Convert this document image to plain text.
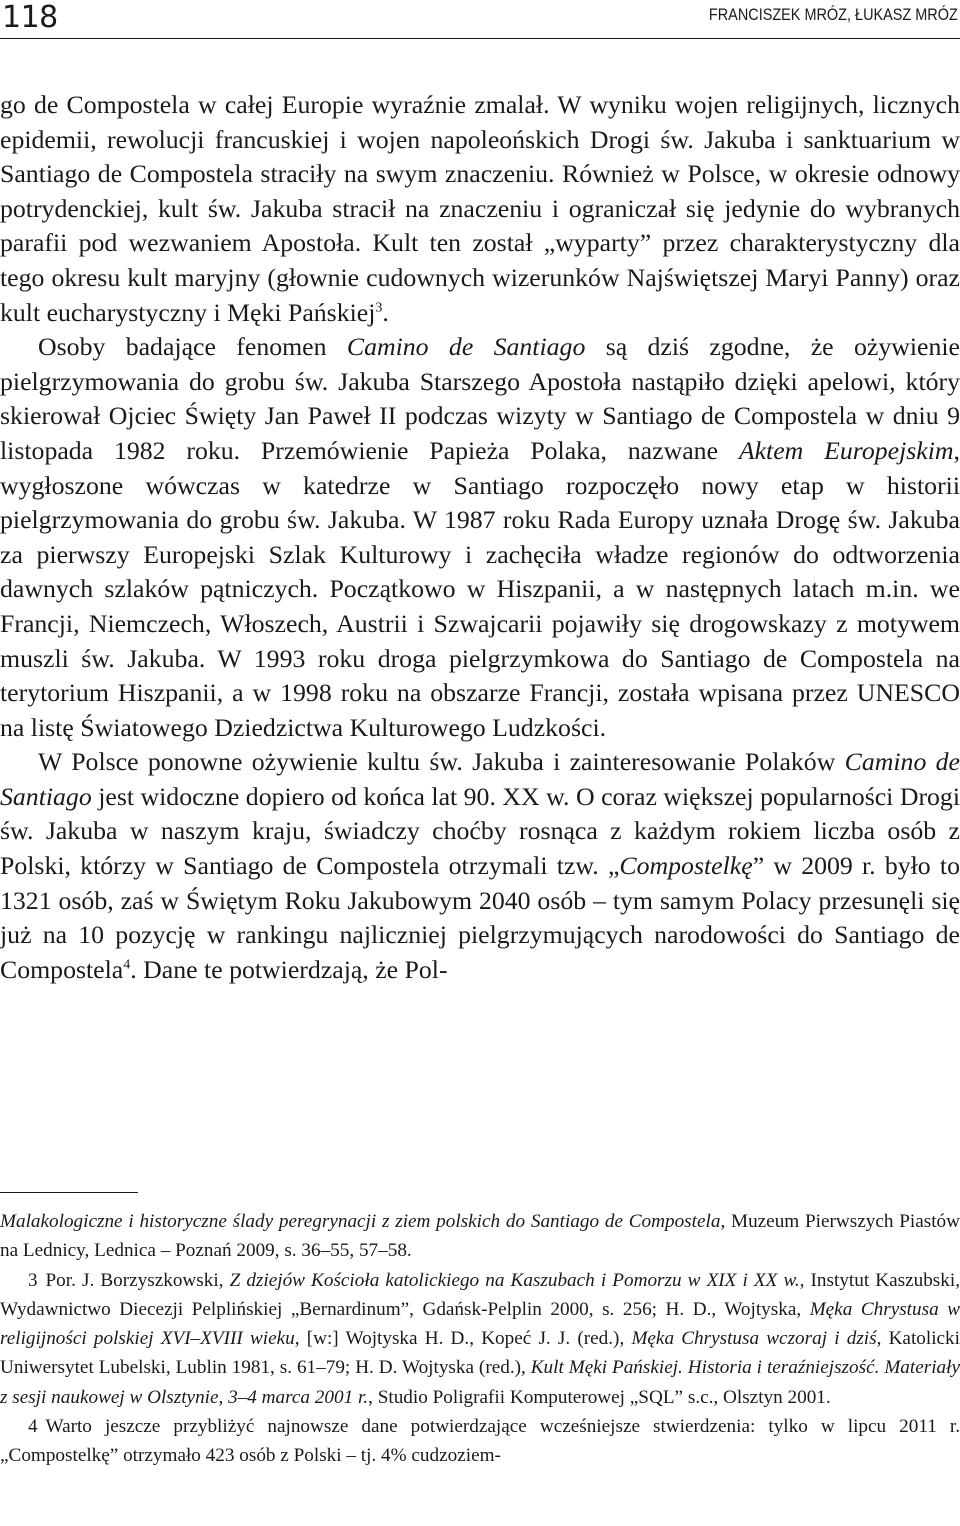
118	FRANCISZEK MRÓZ, ŁUKASZ MRÓZ

go de Compostela w całej Europie wyraźnie zmalał. W wyniku wojen religijnych, licznych epidemii, rewolucji francuskiej i wojen napoleońskich Drogi św. Jakuba i sanktuarium w Santiago de Compostela straciły na swym znaczeniu. Również w Polsce, w okresie odnowy potrydenckiej, kult św. Jakuba stracił na znaczeniu i ograniczał się jedynie do wybranych parafii pod wezwaniem Apostoła. Kult ten został „wyparty” przez charakterystyczny dla tego okresu kult maryjny (głownie cudownych wizerunków Najświętszej Maryi Panny) oraz kult eucharystyczny i Męki Pańskiej$^3$.

Osoby badające fenomen Camino de Santiago są dziś zgodne, że ożywienie pielgrzymowania do grobu św. Jakuba Starszego Apostoła nastąpiło dzięki apelowi, który skierował Ojciec Święty Jan Paweł II podczas wizyty w Santiago de Compostela w dniu 9 listopada 1982 roku. Przemówienie Papieża Polaka, nazwane Aktem Europejskim, wygłoszone wówczas w katedrze w Santiago rozpoczęło nowy etap w historii pielgrzymowania do grobu św. Jakuba. W 1987 roku Rada Europy uznała Drogę św. Jakuba za pierwszy Europejski Szlak Kulturowy i zachęciła władze regionów do odtworzenia dawnych szlaków pątniczych. Początkowo w Hiszpanii, a w następnych latach m.in. we Francji, Niemczech, Włoszech, Austrii i Szwajcarii pojawiły się drogowskazy z motywem muszli św. Jakuba. W 1993 roku droga pielgrzymkowa do Santiago de Compostela na terytorium Hiszpanii, a w 1998 roku na obszarze Francji, została wpisana przez UNESCO na listę Światowego Dziedzictwa Kulturowego Ludzkości.

W Polsce ponowne ożywienie kultu św. Jakuba i zainteresowanie Polaków Camino de Santiago jest widoczne dopiero od końca lat 90. XX w. O coraz większej popularności Drogi św. Jakuba w naszym kraju, świadczy choćby rosnąca z każdym rokiem liczba osób z Polski, którzy w Santiago de Compostela otrzymali tzw. „Compostelkę” w 2009 r. było to 1321 osób, zaś w Świętym Roku Jakubowym 2040 osób – tym samym Polacy przesunęli się już na 10 pozycję w rankingu najliczniej pielgrzymujących narodowości do Santiago de Compostela$^4$. Dane te potwierdzają, że Pol-

Malakologiczne i historyczne ślady peregrynacji z ziem polskich do Santiago de Compostela, Muzeum Pierwszych Piastów na Lednicy, Lednica – Poznań 2009, s. 36–55, 57–58.

3 Por. J. Borzyszkowski, Z dziejów Kościoła katolickiego na Kaszubach i Pomorzu w XIX i XX w., Instytut Kaszubski, Wydawnictwo Diecezji Pelplińskiej „Bernardinum”, Gdańsk-Pelplin 2000, s. 256; H. D., Wojtyska, Męka Chrystusa w religijności polskiej XVI–XVIII wieku, [w:] Wojtyska H. D., Kopeć J. J. (red.), Męka Chrystusa wczoraj i dziś, Katolicki Uniwersytet Lubelski, Lublin 1981, s. 61–79; H. D. Wojtyska (red.), Kult Męki Pańskiej. Historia i teraźniejszość. Materiały z sesji naukowej w Olsztynie, 3–4 marca 2001 r., Studio Poligrafii Komputerowej „SQL” s.c., Olsztyn 2001.

4 Warto jeszcze przybliżyć najnowsze dane potwierdzające wcześniejsze stwierdzenia: tylko w lipcu 2011 r. „Compostelkę” otrzymało 423 osób z Polski – tj. 4% cudzoziem-
